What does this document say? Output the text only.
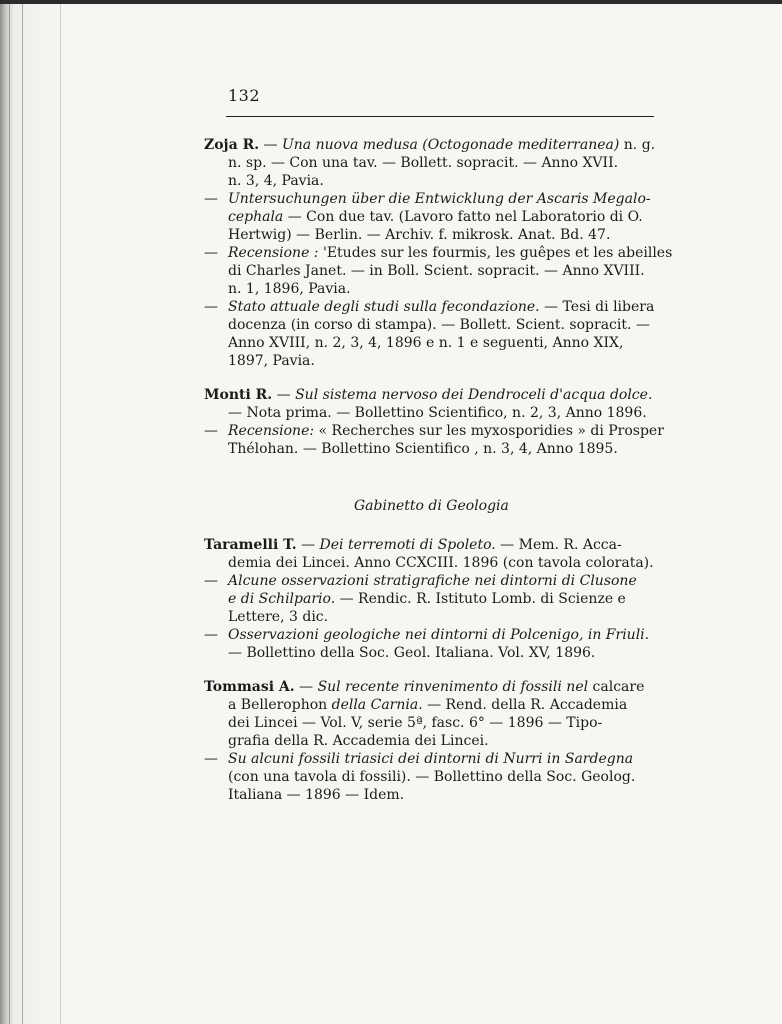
132
Zoja R. — Una nuova medusa (Octogonade mediterranea) n. g.
n. sp. — Con una tav. — Bollett. sopracit. — Anno XVII.
n. 3, 4, Pavia.
— Untersuchungen über die Entwicklung der Ascaris Megalo-
cephala — Con due tav. (Lavoro fatto nel Laboratorio di O.
Hertwig) — Berlin. — Archiv. f. mikrosk. Anat. Bd. 47.
— Recensione : 'Etudes sur les fourmis, les guêpes et les abeilles
di Charles Janet. — in Boll. Scient. sopracit. — Anno XVIII.
n. 1, 1896, Pavia.
— Stato attuale degli studi sulla fecondazione. — Tesi di libera
docenza (in corso di stampa). — Bollett. Scient. sopracit. —
Anno XVIII, n. 2, 3, 4, 1896 e n. 1 e seguenti, Anno XIX,
1897, Pavia.
Monti R. — Sul sistema nervoso dei Dendroceli d'acqua dolce.
— Nota prima. — Bollettino Scientifico, n. 2, 3, Anno 1896.
— Recensione: « Recherches sur les myxosporidies » di Prosper
Thélohan. — Bollettino Scientifico , n. 3, 4, Anno 1895.
Gabinetto di Geologia
Taramelli T. — Dei terremoti di Spoleto. — Mem. R. Acca-
demia dei Lincei. Anno CCXCIII. 1896 (con tavola colorata).
— Alcune osservazioni stratigrafiche nei dintorni di Clusone
e di Schilpario. — Rendic. R. Istituto Lomb. di Scienze e
Lettere, 3 dic.
— Osservazioni geologiche nei dintorni di Polcenigo, in Friuli.
— Bollettino della Soc. Geol. Italiana. Vol. XV, 1896.
Tommasi A. — Sul recente rinvenimento di fossili nel calcare
a Bellerophon della Carnia. — Rend. della R. Accademia
dei Lincei — Vol. V, serie 5ª, fasc. 6° — 1896 — Tipo-
grafia della R. Accademia dei Lincei.
— Su alcuni fossili triasici dei dintorni di Nurri in Sardegna
(con una tavola di fossili). — Bollettino della Soc. Geolog.
Italiana — 1896 — Idem.
